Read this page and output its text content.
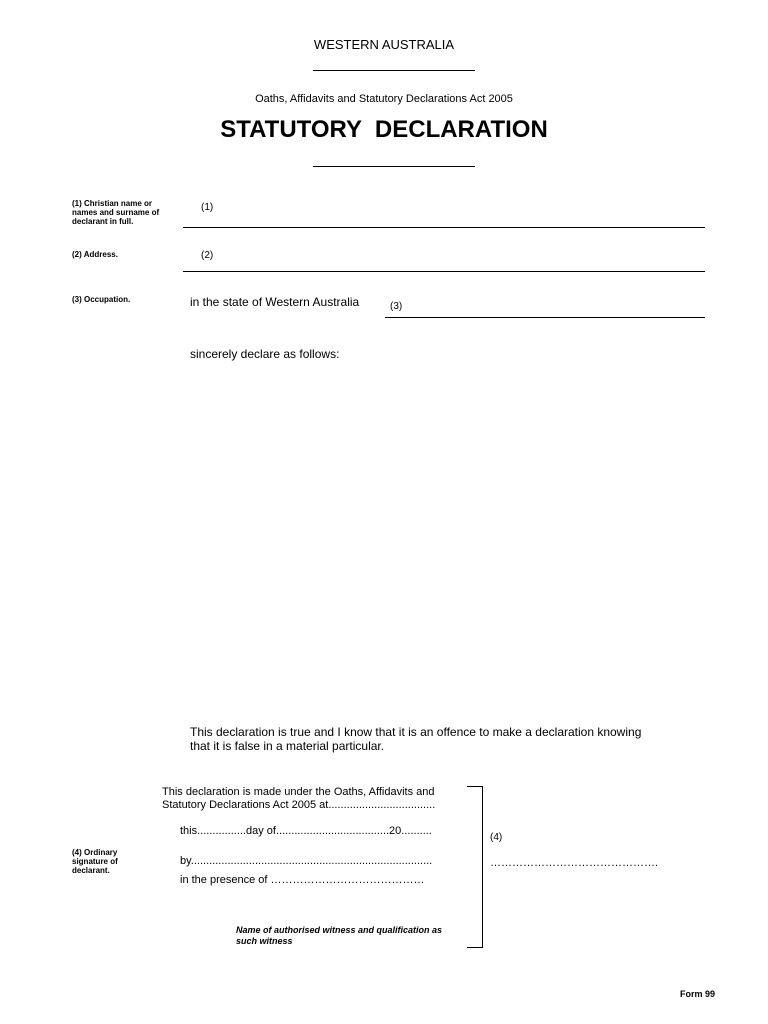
WESTERN AUSTRALIA
Oaths, Affidavits and Statutory Declarations Act 2005
STATUTORY  DECLARATION
(1) Christian name or names and surname of declarant in full.
(1)
(2) Address.	(2)
(3) Occupation.	in the state of Western Australia	(3)
sincerely declare as follows:
This declaration is true and I know that it is an offence to make a declaration knowing
that it is false in a material particular.
This declaration is made under the Oaths, Affidavits and
Statutory Declarations Act 2005 at...................................
this................day of.....................................20..........
(4) Ordinary signature of declarant.
by...............................................................................
in the presence of ……………………………………
Name of authorised witness and qualification as
such witness
(4)
……………………………………….
Form 99
